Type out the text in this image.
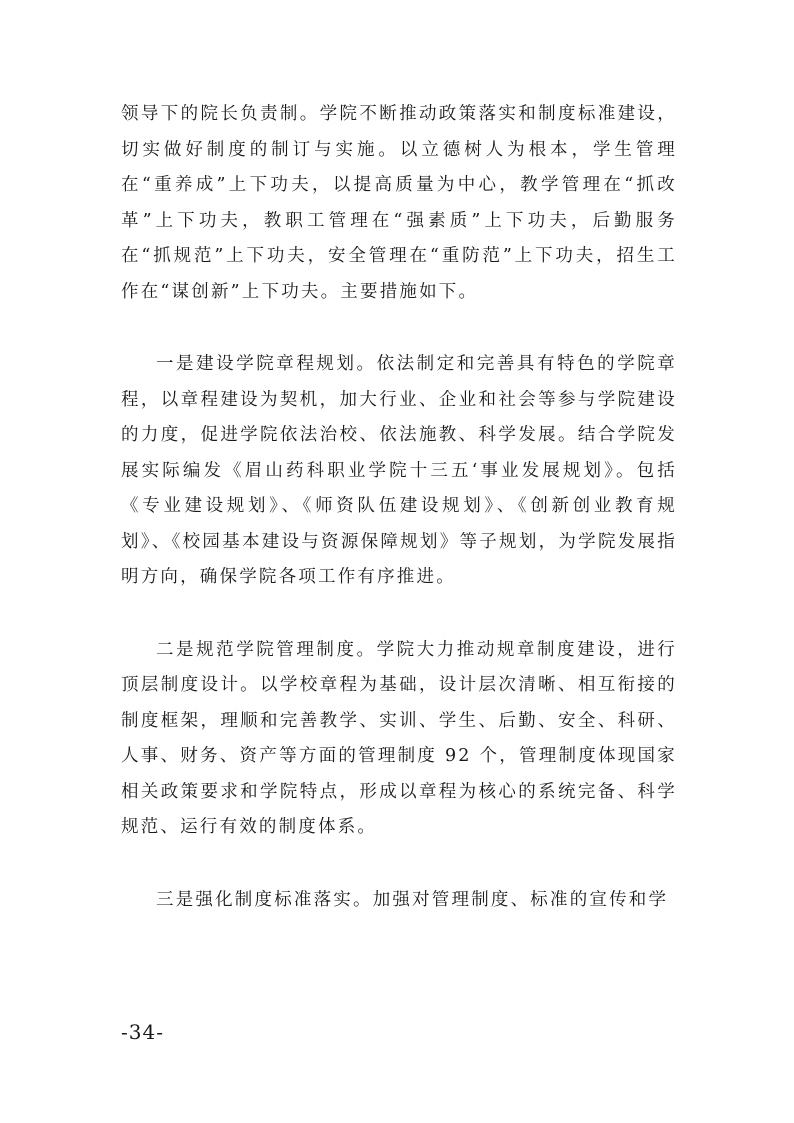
领导下的院长负责制。学院不断推动政策落实和制度标准建设，切实做好制度的制订与实施。以立德树人为根本，学生管理在“重养成”上下功夫，以提高质量为中心，教学管理在“抓改革”上下功夫，教职工管理在“强素质”上下功夫，后勤服务在“抓规范”上下功夫，安全管理在“重防范”上下功夫，招生工作在“谋创新”上下功夫。主要措施如下。

一是建设学院章程规划。依法制定和完善具有特色的学院章程，以章程建设为契机，加大行业、企业和社会等参与学院建设的力度，促进学院依法治校、依法施教、科学发展。结合学院发展实际编发《眉山药科职业学院十三五‘事业发展规划》。包括《专业建设规划》、《师资队伍建设规划》、《创新创业教育规划》、《校园基本建设与资源保障规划》等子规划，为学院发展指明方向，确保学院各项工作有序推进。

二是规范学院管理制度。学院大力推动规章制度建设，进行顶层制度设计。以学校章程为基础，设计层次清晰、相互衔接的制度框架，理顺和完善教学、实训、学生、后勤、安全、科研、人事、财务、资产等方面的管理制度 92 个，管理制度体现国家相关政策要求和学院特点，形成以章程为核心的系统完备、科学规范、运行有效的制度体系。

三是强化制度标准落实。加强对管理制度、标准的宣传和学

-34-
